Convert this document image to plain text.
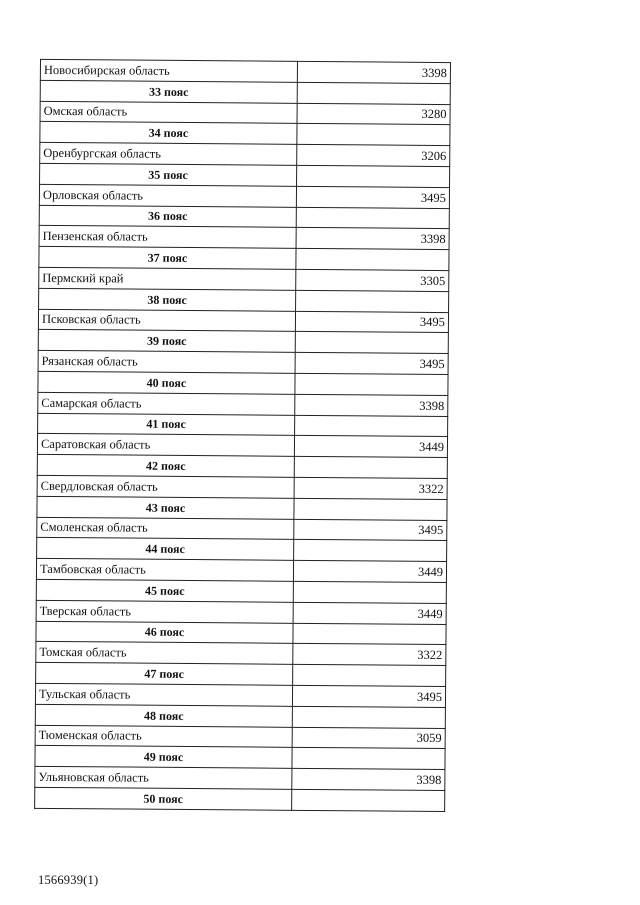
Новосибирская область	3398
33 пояс	
Омская область	3280
34 пояс	
Оренбургская область	3206
35 пояс	
Орловская область	3495
36 пояс	
Пензенская область	3398
37 пояс	
Пермский край	3305
38 пояс	
Псковская область	3495
39 пояс	
Рязанская область	3495
40 пояс	
Самарская область	3398
41 пояс	
Саратовская область	3449
42 пояс	
Свердловская область	3322
43 пояс	
Смоленская область	3495
44 пояс	
Тамбовская область	3449
45 пояс	
Тверская область	3449
46 пояс	
Томская область	3322
47 пояс	
Тульская область	3495
48 пояс	
Тюменская область	3059
49 пояс	
Ульяновская область	3398
50 пояс	
1566939(1)
